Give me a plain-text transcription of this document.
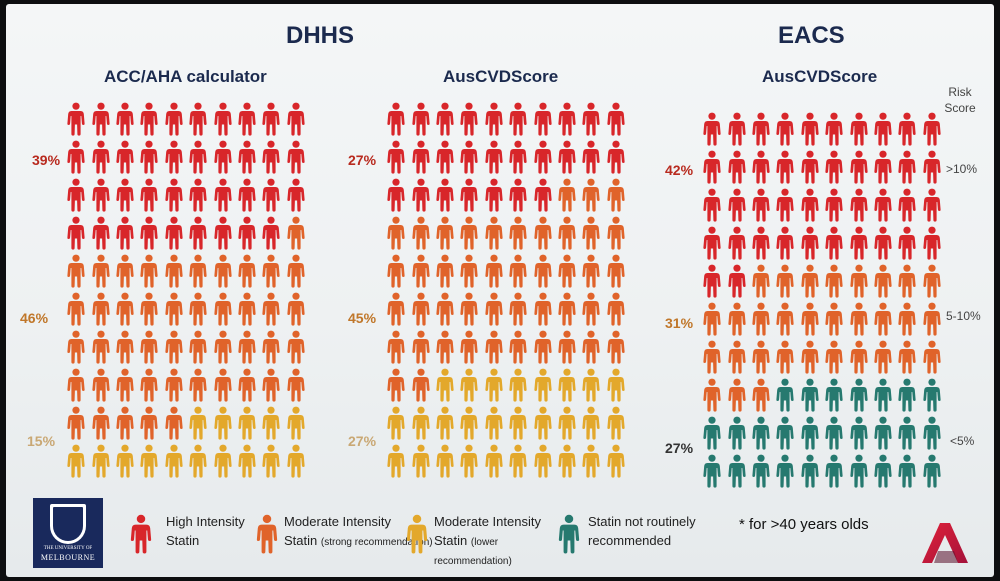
DHHS	EACS
ACC/AHA calculator
39%
46%
15%
AusCVDScore
27%
45%
27%
AusCVDScore
Risk Score
42%
31%
27%
>10%
5-10%
<5%
THE UNIVERSITY OF
MELBOURNE
High Intensity
Statin
Moderate Intensity
Statin (strong recommendation)
Moderate Intensity
Statin (lower
recommendation)
Statin not routinely
recommended
* for >40 years olds
